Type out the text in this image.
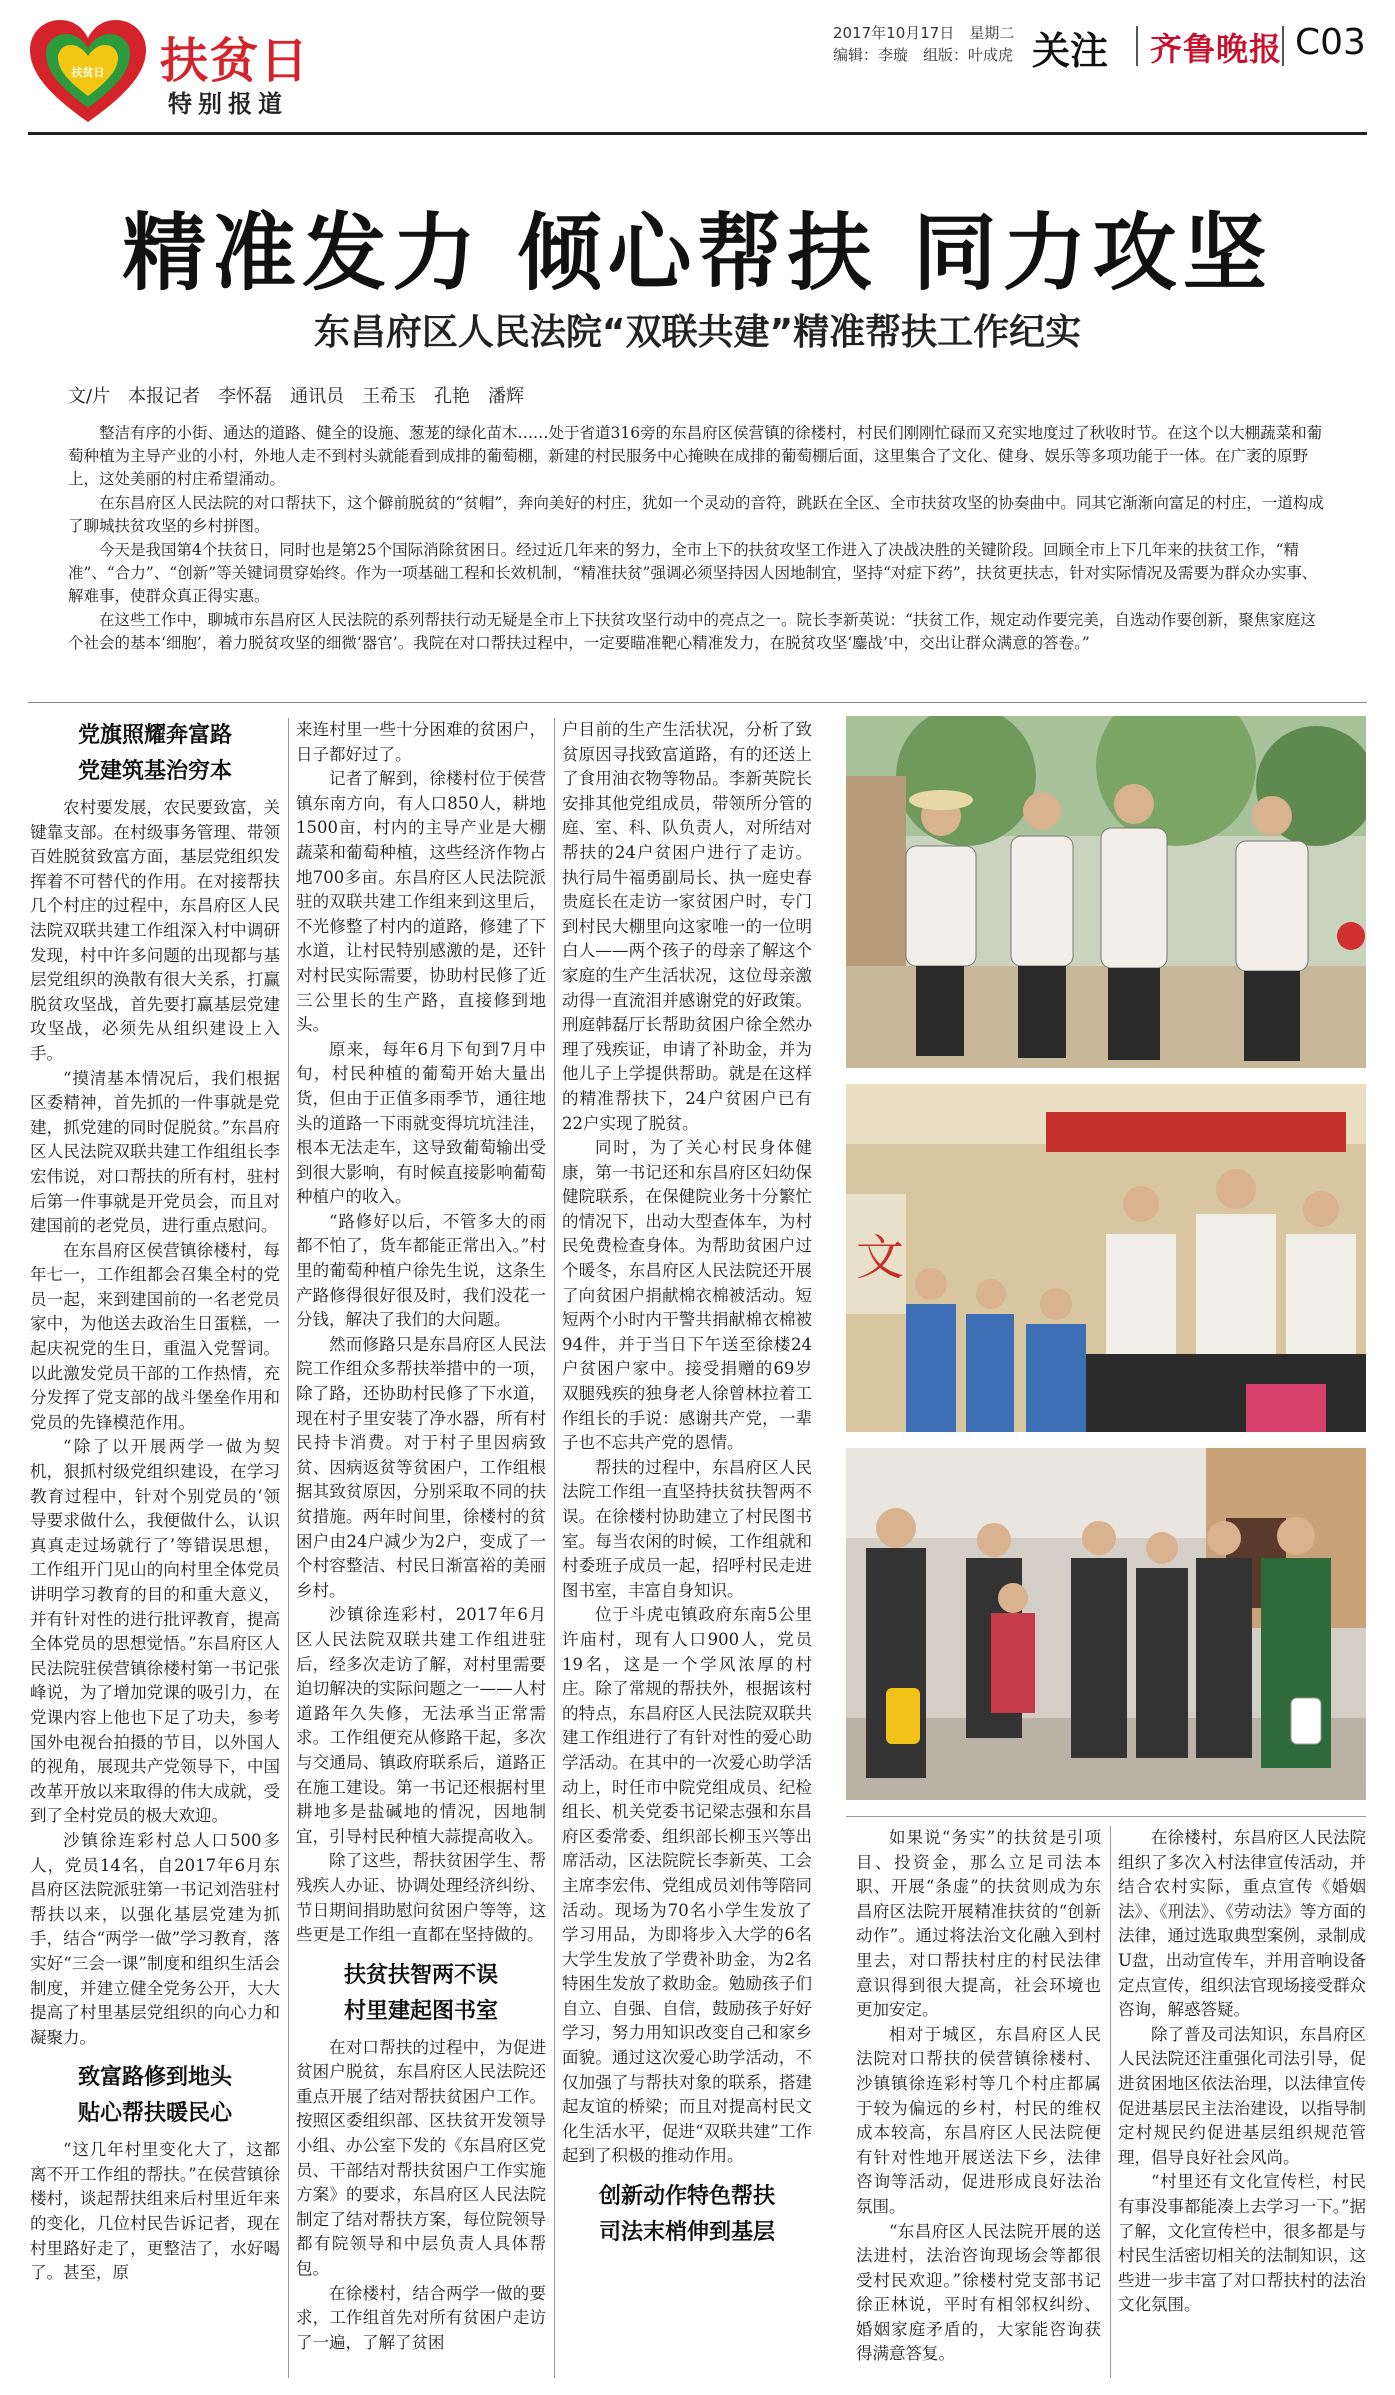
扶贫日 扶贫日
特别报道
2017年10月17日　星期二
编辑：李璇　组版：叶成虎 关注 齐鲁晚报 C03
精准发力 倾心帮扶 同力攻坚
东昌府区人民法院“双联共建”精准帮扶工作纪实
文/片　本报记者　李怀磊　通讯员　王希玉　孔艳　潘辉

整洁有序的小街、通达的道路、健全的设施、葱茏的绿化苗木……处于省道316旁的东昌府区侯营镇的徐楼村，村民们刚刚忙碌而又充实地度过了秋收时节。在这个以大棚蔬菜和葡萄种植为主导产业的小村，外地人走不到村头就能看到成排的葡萄棚，新建的村民服务中心掩映在成排的葡萄棚后面，这里集合了文化、健身、娱乐等多项功能于一体。在广袤的原野上，这处美丽的村庄希望涌动。

在东昌府区人民法院的对口帮扶下，这个僻前脱贫的“贫帽”，奔向美好的村庄，犹如一个灵动的音符，跳跃在全区、全市扶贫攻坚的协奏曲中。同其它渐渐向富足的村庄，一道构成了聊城扶贫攻坚的乡村拼图。

今天是我国第4个扶贫日，同时也是第25个国际消除贫困日。经过近几年来的努力，全市上下的扶贫攻坚工作进入了决战决胜的关键阶段。回顾全市上下几年来的扶贫工作，“精准”、“合力”、“创新”等关键词贯穿始终。作为一项基础工程和长效机制，“精准扶贫”强调必须坚持因人因地制宜，坚持“对症下药”，扶贫更扶志，针对实际情况及需要为群众办实事、解难事，使群众真正得实惠。

在这些工作中，聊城市东昌府区人民法院的系列帮扶行动无疑是全市上下扶贫攻坚行动中的亮点之一。院长李新英说：“扶贫工作，规定动作要完美，自选动作要创新，聚焦家庭这个社会的基本‘细胞’，着力脱贫攻坚的细微‘器官’。我院在对口帮扶过程中，一定要瞄准靶心精准发力，在脱贫攻坚‘鏖战’中，交出让群众满意的答卷。”

党旗照耀奔富路
党建筑基治穷本

农村要发展，农民要致富，关键靠支部。在村级事务管理、带领百姓脱贫致富方面，基层党组织发挥着不可替代的作用。在对接帮扶几个村庄的过程中，东昌府区人民法院双联共建工作组深入村中调研发现，村中许多问题的出现都与基层党组织的涣散有很大关系，打赢脱贫攻坚战，首先要打赢基层党建攻坚战，必须先从组织建设上入手。

“摸清基本情况后，我们根据区委精神，首先抓的一件事就是党建，抓党建的同时促脱贫。”东昌府区人民法院双联共建工作组组长李宏伟说，对口帮扶的所有村，驻村后第一件事就是开党员会，而且对建国前的老党员，进行重点慰问。

在东昌府区侯营镇徐楼村，每年七一，工作组都会召集全村的党员一起，来到建国前的一名老党员家中，为他送去政治生日蛋糕，一起庆祝党的生日，重温入党誓词。以此激发党员干部的工作热情，充分发挥了党支部的战斗堡垒作用和党员的先锋模范作用。

“除了以开展两学一做为契机，狠抓村级党组织建设，在学习教育过程中，针对个别党员的‘领导要求做什么，我便做什么，认识真真走过场就行了’等错误思想，工作组开门见山的向村里全体党员讲明学习教育的目的和重大意义，并有针对性的进行批评教育，提高全体党员的思想觉悟。”东昌府区人民法院驻侯营镇徐楼村第一书记张峰说，为了增加党课的吸引力，在党课内容上他也下足了功夫，参考国外电视台拍摄的节目，以外国人的视角，展现共产党领导下，中国改革开放以来取得的伟大成就，受到了全村党员的极大欢迎。

沙镇徐连彩村总人口500多人，党员14名，自2017年6月东昌府区法院派驻第一书记刘浩驻村帮扶以来，以强化基层党建为抓手，结合“两学一做”学习教育，落实好“三会一课”制度和组织生活会制度，并建立健全党务公开，大大提高了村里基层党组织的向心力和凝聚力。

致富路修到地头
贴心帮扶暖民心

“这几年村里变化大了，这都离不开工作组的帮扶。”在侯营镇徐楼村，谈起帮扶组来后村里近年来的变化，几位村民告诉记者，现在村里路好走了，更整洁了，水好喝了。甚至，原

来连村里一些十分困难的贫困户，日子都好过了。

记者了解到，徐楼村位于侯营镇东南方向，有人口850人，耕地1500亩，村内的主导产业是大棚蔬菜和葡萄种植，这些经济作物占地700多亩。东昌府区人民法院派驻的双联共建工作组来到这里后，不光修整了村内的道路，修建了下水道，让村民特别感激的是，还针对村民实际需要，协助村民修了近三公里长的生产路，直接修到地头。

原来，每年6月下旬到7月中旬，村民种植的葡萄开始大量出货，但由于正值多雨季节，通往地头的道路一下雨就变得坑坑洼洼，根本无法走车，这导致葡萄输出受到很大影响，有时候直接影响葡萄种植户的收入。

“路修好以后，不管多大的雨都不怕了，货车都能正常出入。”村里的葡萄种植户徐先生说，这条生产路修得很好很及时，我们没花一分钱，解决了我们的大问题。

然而修路只是东昌府区人民法院工作组众多帮扶举措中的一项，除了路，还协助村民修了下水道，现在村子里安装了净水器，所有村民持卡消费。对于村子里因病致贫、因病返贫等贫困户，工作组根据其致贫原因，分别采取不同的扶贫措施。两年时间里，徐楼村的贫困户由24户减少为2户，变成了一个村容整洁、村民日渐富裕的美丽乡村。

沙镇徐连彩村，2017年6月区人民法院双联共建工作组进驻后，经多次走访了解，对村里需要迫切解决的实际问题之一——人村道路年久失修，无法承当正常需求。工作组便充从修路干起，多次与交通局、镇政府联系后，道路正在施工建设。第一书记还根据村里耕地多是盐碱地的情况，因地制宜，引导村民种植大蒜提高收入。

除了这些，帮扶贫困学生、帮残疾人办证、协调处理经济纠纷、节日期间捐助慰问贫困户等等，这些更是工作组一直都在坚持做的。

扶贫扶智两不误
村里建起图书室

在对口帮扶的过程中，为促进贫困户脱贫，东昌府区人民法院还重点开展了结对帮扶贫困户工作。按照区委组织部、区扶贫开发领导小组、办公室下发的《东昌府区党员、干部结对帮扶贫困户工作实施方案》的要求，东昌府区人民法院制定了结对帮扶方案，每位院领导都有院领导和中层负责人具体帮包。

在徐楼村，结合两学一做的要求，工作组首先对所有贫困户走访了一遍，了解了贫困

户目前的生产生活状况，分析了致贫原因寻找致富道路，有的还送上了食用油衣物等物品。李新英院长安排其他党组成员，带领所分管的庭、室、科、队负责人，对所结对帮扶的24户贫困户进行了走访。执行局牛福勇副局长、执一庭史春贵庭长在走访一家贫困户时，专门到村民大棚里向这家唯一的一位明白人——两个孩子的母亲了解这个家庭的生产生活状况，这位母亲激动得一直流泪并感谢党的好政策。刑庭韩磊厅长帮助贫困户徐全然办理了残疾证，申请了补助金，并为他儿子上学提供帮助。就是在这样的精准帮扶下，24户贫困户已有22户实现了脱贫。

同时，为了关心村民身体健康，第一书记还和东昌府区妇幼保健院联系，在保健院业务十分繁忙的情况下，出动大型查体车，为村民免费检查身体。为帮助贫困户过个暖冬，东昌府区人民法院还开展了向贫困户捐献棉衣棉被活动。短短两个小时内干警共捐献棉衣棉被94件，并于当日下午送至徐楼24户贫困户家中。接受捐赠的69岁双腿残疾的独身老人徐曾林拉着工作组长的手说：感谢共产党，一辈子也不忘共产党的恩情。

帮扶的过程中，东昌府区人民法院工作组一直坚持扶贫扶智两不误。在徐楼村协助建立了村民图书室。每当农闲的时候，工作组就和村委班子成员一起，招呼村民走进图书室，丰富自身知识。

位于斗虎屯镇政府东南5公里许庙村，现有人口900人，党员19名，这是一个学风浓厚的村庄。除了常规的帮扶外，根据该村的特点，东昌府区人民法院双联共建工作组进行了有针对性的爱心助学活动。在其中的一次爱心助学活动上，时任市中院党组成员、纪检组长、机关党委书记梁志强和东昌府区委常委、组织部长柳玉兴等出席活动，区法院院长李新英、工会主席李宏伟、党组成员刘伟等陪同活动。现场为70名小学生发放了学习用品，为即将步入大学的6名大学生发放了学费补助金，为2名特困生发放了救助金。勉励孩子们自立、自强、自信，鼓励孩子好好学习，努力用知识改变自己和家乡面貌。通过这次爱心助学活动，不仅加强了与帮扶对象的联系，搭建起友谊的桥梁；而且对提高村民文化生活水平，促进“双联共建”工作起到了积极的推动作用。

创新动作特色帮扶
司法末梢伸到基层
文

如果说“务实”的扶贫是引项目、投资金，那么立足司法本职、开展“条虚”的扶贫则成为东昌府区法院开展精准扶贫的“创新动作”。通过将法治文化融入到村里去，对口帮扶村庄的村民法律意识得到很大提高，社会环境也更加安定。

相对于城区，东昌府区人民法院对口帮扶的侯营镇徐楼村、沙镇镇徐连彩村等几个村庄都属于较为偏远的乡村，村民的维权成本较高，东昌府区人民法院便有针对性地开展送法下乡，法律咨询等活动，促进形成良好法治氛围。

“东昌府区人民法院开展的送法进村，法治咨询现场会等都很受村民欢迎。”徐楼村党支部书记徐正林说，平时有相邻权纠纷、婚姻家庭矛盾的，大家能咨询获得满意答复。

在徐楼村，东昌府区人民法院组织了多次入村法律宣传活动，并结合农村实际，重点宣传《婚姻法》、《刑法》、《劳动法》等方面的法律，通过选取典型案例，录制成U盘，出动宣传车，并用音响设备定点宣传，组织法官现场接受群众咨询，解惑答疑。

除了普及司法知识，东昌府区人民法院还注重强化司法引导，促进贫困地区依法治理，以法律宣传促进基层民主法治建设，以指导制定村规民约促进基层组织规范管理，倡导良好社会风尚。

“村里还有文化宣传栏，村民有事没事都能凑上去学习一下。”据了解，文化宣传栏中，很多都是与村民生活密切相关的法制知识，这些进一步丰富了对口帮扶村的法治文化氛围。
